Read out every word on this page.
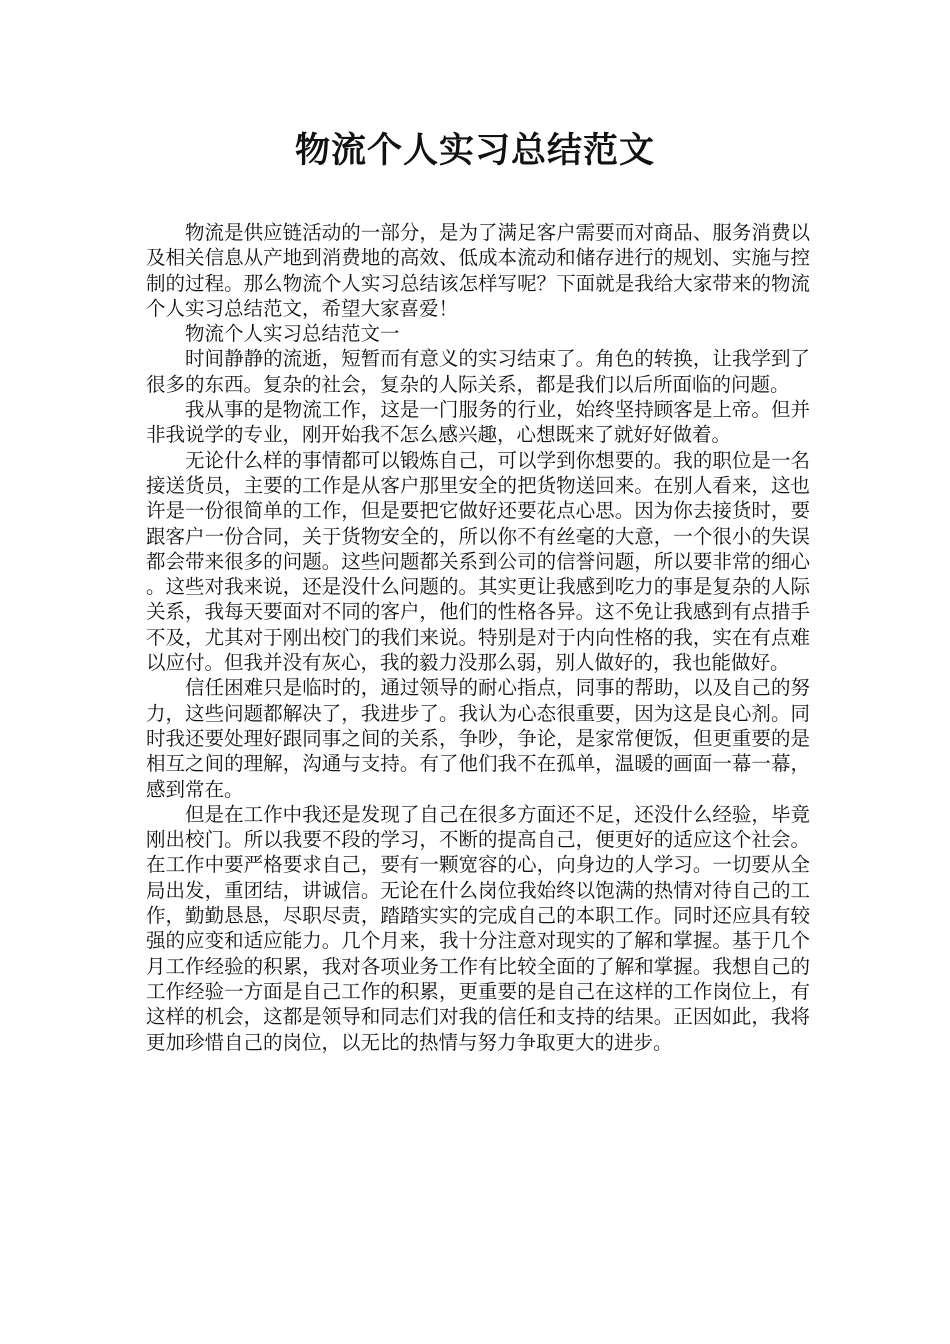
物流个人实习总结范文

物流是供应链活动的一部分，是为了满足客户需要而对商品、服务消费以及相关信息从产地到消费地的高效、低成本流动和储存进行的规划、实施与控制的过程。那么物流个人实习总结该怎样写呢？下面就是我给大家带来的物流个人实习总结范文，希望大家喜爱！

物流个人实习总结范文一

时间静静的流逝，短暂而有意义的实习结束了。角色的转换，让我学到了很多的东西。复杂的社会，复杂的人际关系，都是我们以后所面临的问题。

我从事的是物流工作，这是一门服务的行业，始终坚持顾客是上帝。但并非我说学的专业，刚开始我不怎么感兴趣，心想既来了就好好做着。

无论什么样的事情都可以锻炼自己，可以学到你想要的。我的职位是一名接送货员，主要的工作是从客户那里安全的把货物送回来。在别人看来，这也许是一份很简单的工作，但是要把它做好还要花点心思。因为你去接货时，要跟客户一份合同，关于货物安全的，所以你不有丝毫的大意，一个很小的失误都会带来很多的问题。这些问题都关系到公司的信誉问题，所以要非常的细心。这些对我来说，还是没什么问题的。其实更让我感到吃力的事是复杂的人际关系，我每天要面对不同的客户，他们的性格各异。这不免让我感到有点措手不及，尤其对于刚出校门的我们来说。特别是对于内向性格的我，实在有点难以应付。但我并没有灰心，我的毅力没那么弱，别人做好的，我也能做好。

信任困难只是临时的，通过领导的耐心指点，同事的帮助，以及自己的努力，这些问题都解决了，我进步了。我认为心态很重要，因为这是良心剂。同时我还要处理好跟同事之间的关系，争吵，争论，是家常便饭，但更重要的是相互之间的理解，沟通与支持。有了他们我不在孤单，温暖的画面一幕一幕，感到常在。

但是在工作中我还是发现了自己在很多方面还不足，还没什么经验，毕竟刚出校门。所以我要不段的学习，不断的提高自己，便更好的适应这个社会。在工作中要严格要求自己，要有一颗宽容的心，向身边的人学习。一切要从全局出发，重团结，讲诚信。无论在什么岗位我始终以饱满的热情对待自己的工作，勤勤恳恳，尽职尽责，踏踏实实的完成自己的本职工作。同时还应具有较强的应变和适应能力。几个月来，我十分注意对现实的了解和掌握。基于几个月工作经验的积累，我对各项业务工作有比较全面的了解和掌握。我想自己的工作经验一方面是自己工作的积累，更重要的是自己在这样的工作岗位上，有这样的机会，这都是领导和同志们对我的信任和支持的结果。正因如此，我将更加珍惜自己的岗位，以无比的热情与努力争取更大的进步。
